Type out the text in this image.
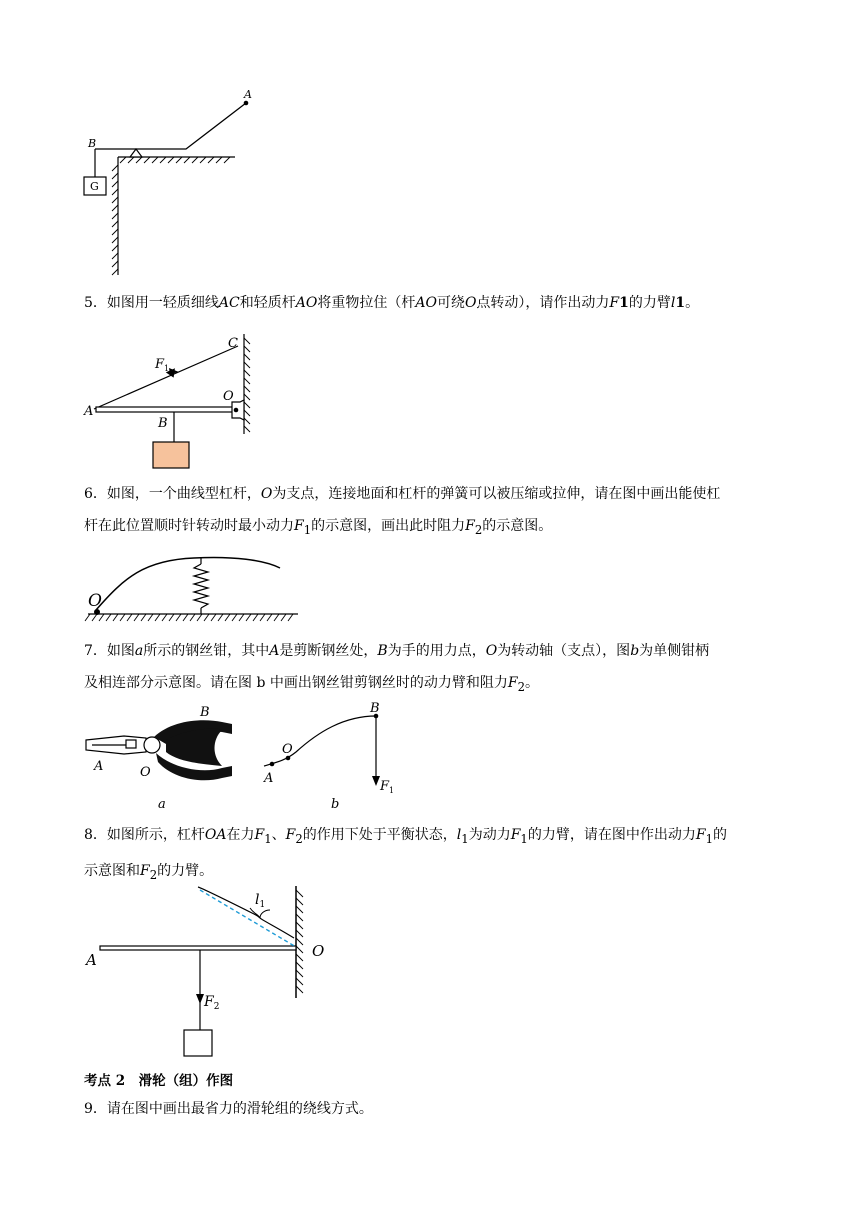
A
B
G
5．如图用一轻质细线AC和轻质杆AO将重物拉住（杆AO可绕O点转动），请作出动力F1的力臂l1。
C
$F_1$
O
A
B
6．如图，一个曲线型杠杆，O为支点，连接地面和杠杆的弹簧可以被压缩或拉伸，请在图中画出能使杠
杆在此位置顺时针转动时最小动力$F_1$的示意图，画出此时阻力$F_2$的示意图。
O
7．如图a所示的钢丝钳，其中A是剪断钢丝处，B为手的用力点，O为转动轴（支点），图b为单侧钳柄
及相连部分示意图。请在图 b 中画出钢丝钳剪钢丝时的动力臂和阻力$F_2$。
B
A	O
a
B
O
A
$F_1$
b
8．如图所示，杠杆OA在力$F_1$、$F_2$的作用下处于平衡状态，$l_1$为动力$F_1$的力臂，请在图中作出动力$F_1$的
示意图和$F_2$的力臂。
$l_1$
A	O
$F_2$
考点 2　滑轮（组）作图
9．请在图中画出最省力的滑轮组的绕线方式。
